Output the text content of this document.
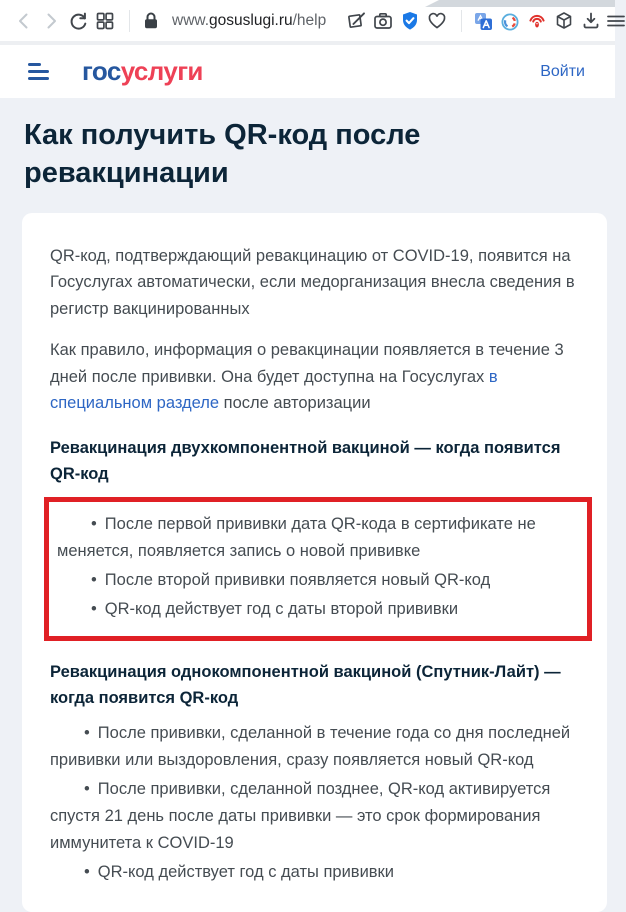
www.gosuslugi.ru/help
госуслуги	Войти
Как получить QR-код после ревакцинации

QR-код, подтверждающий ревакцинацию от COVID-19, появится на Госуслугах автоматически, если медорганизация внесла сведения в регистр вакцинированных

Как правило, информация о ревакцинации появляется в течение 3 дней после прививки. Она будет доступна на Госуслугах в специальном разделе после авторизации

Ревакцинация двухкомпонентной вакциной — когда появится QR-код
• После первой прививки дата QR-кода в сертификате не меняется, появляется запись о новой прививке
• После второй прививки появляется новый QR-код
• QR-код действует год с даты второй прививки
Ревакцинация однокомпонентной вакциной (Спутник-Лайт) — когда появится QR-код
• После прививки, сделанной в течение года со дня последней прививки или выздоровления, сразу появляется новый QR-код
• После прививки, сделанной позднее, QR-код активируется спустя 21 день после даты прививки — это срок формирования иммунитета к COVID-19
• QR-код действует год с даты прививки
